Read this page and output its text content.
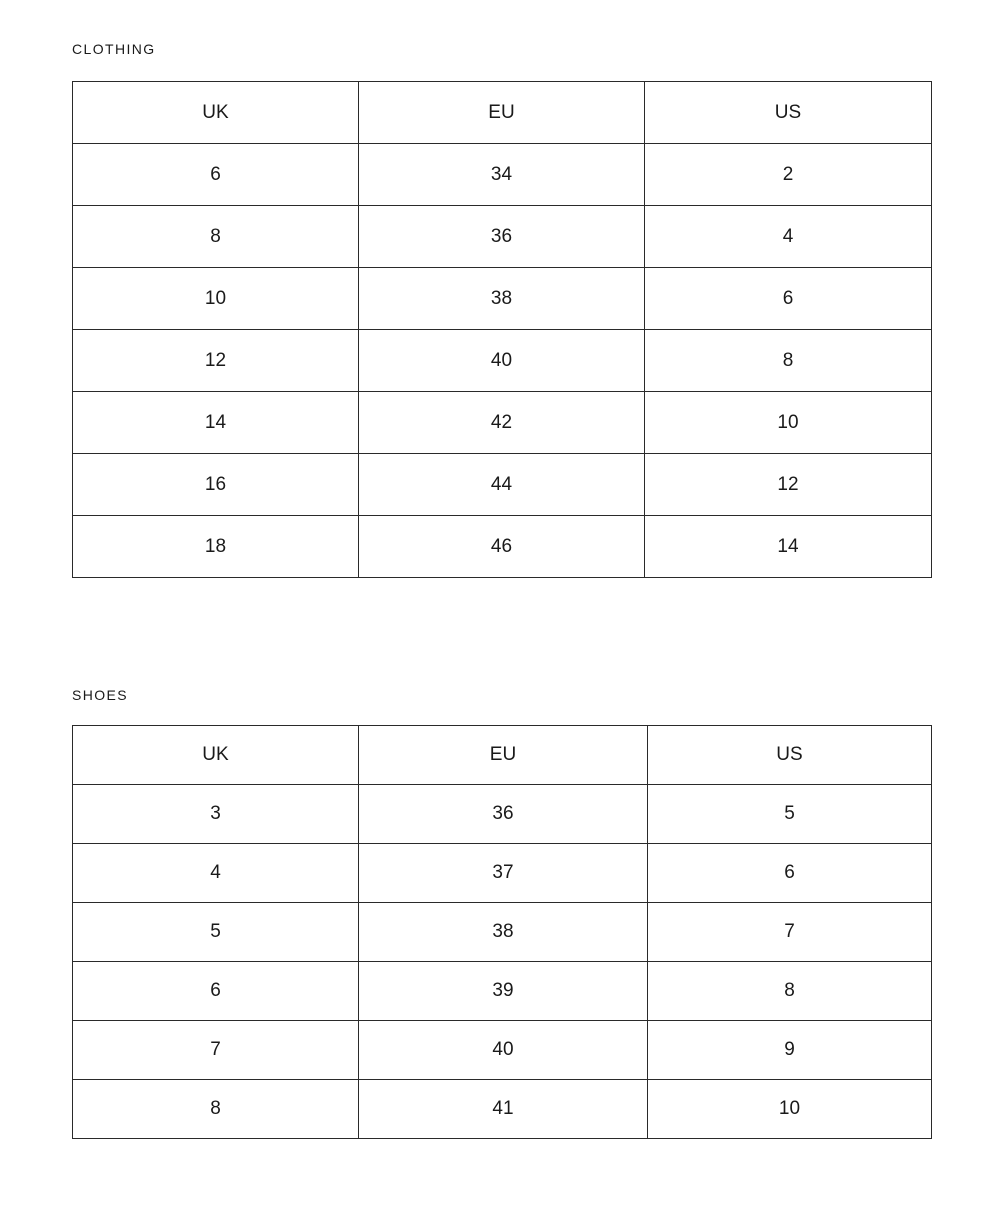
CLOTHING
UK	EU	US
6	34	2
8	36	4
10	38	6
12	40	8
14	42	10
16	44	12
18	46	14
SHOES
UK	EU	US
3	36	5
4	37	6
5	38	7
6	39	8
7	40	9
8	41	10
